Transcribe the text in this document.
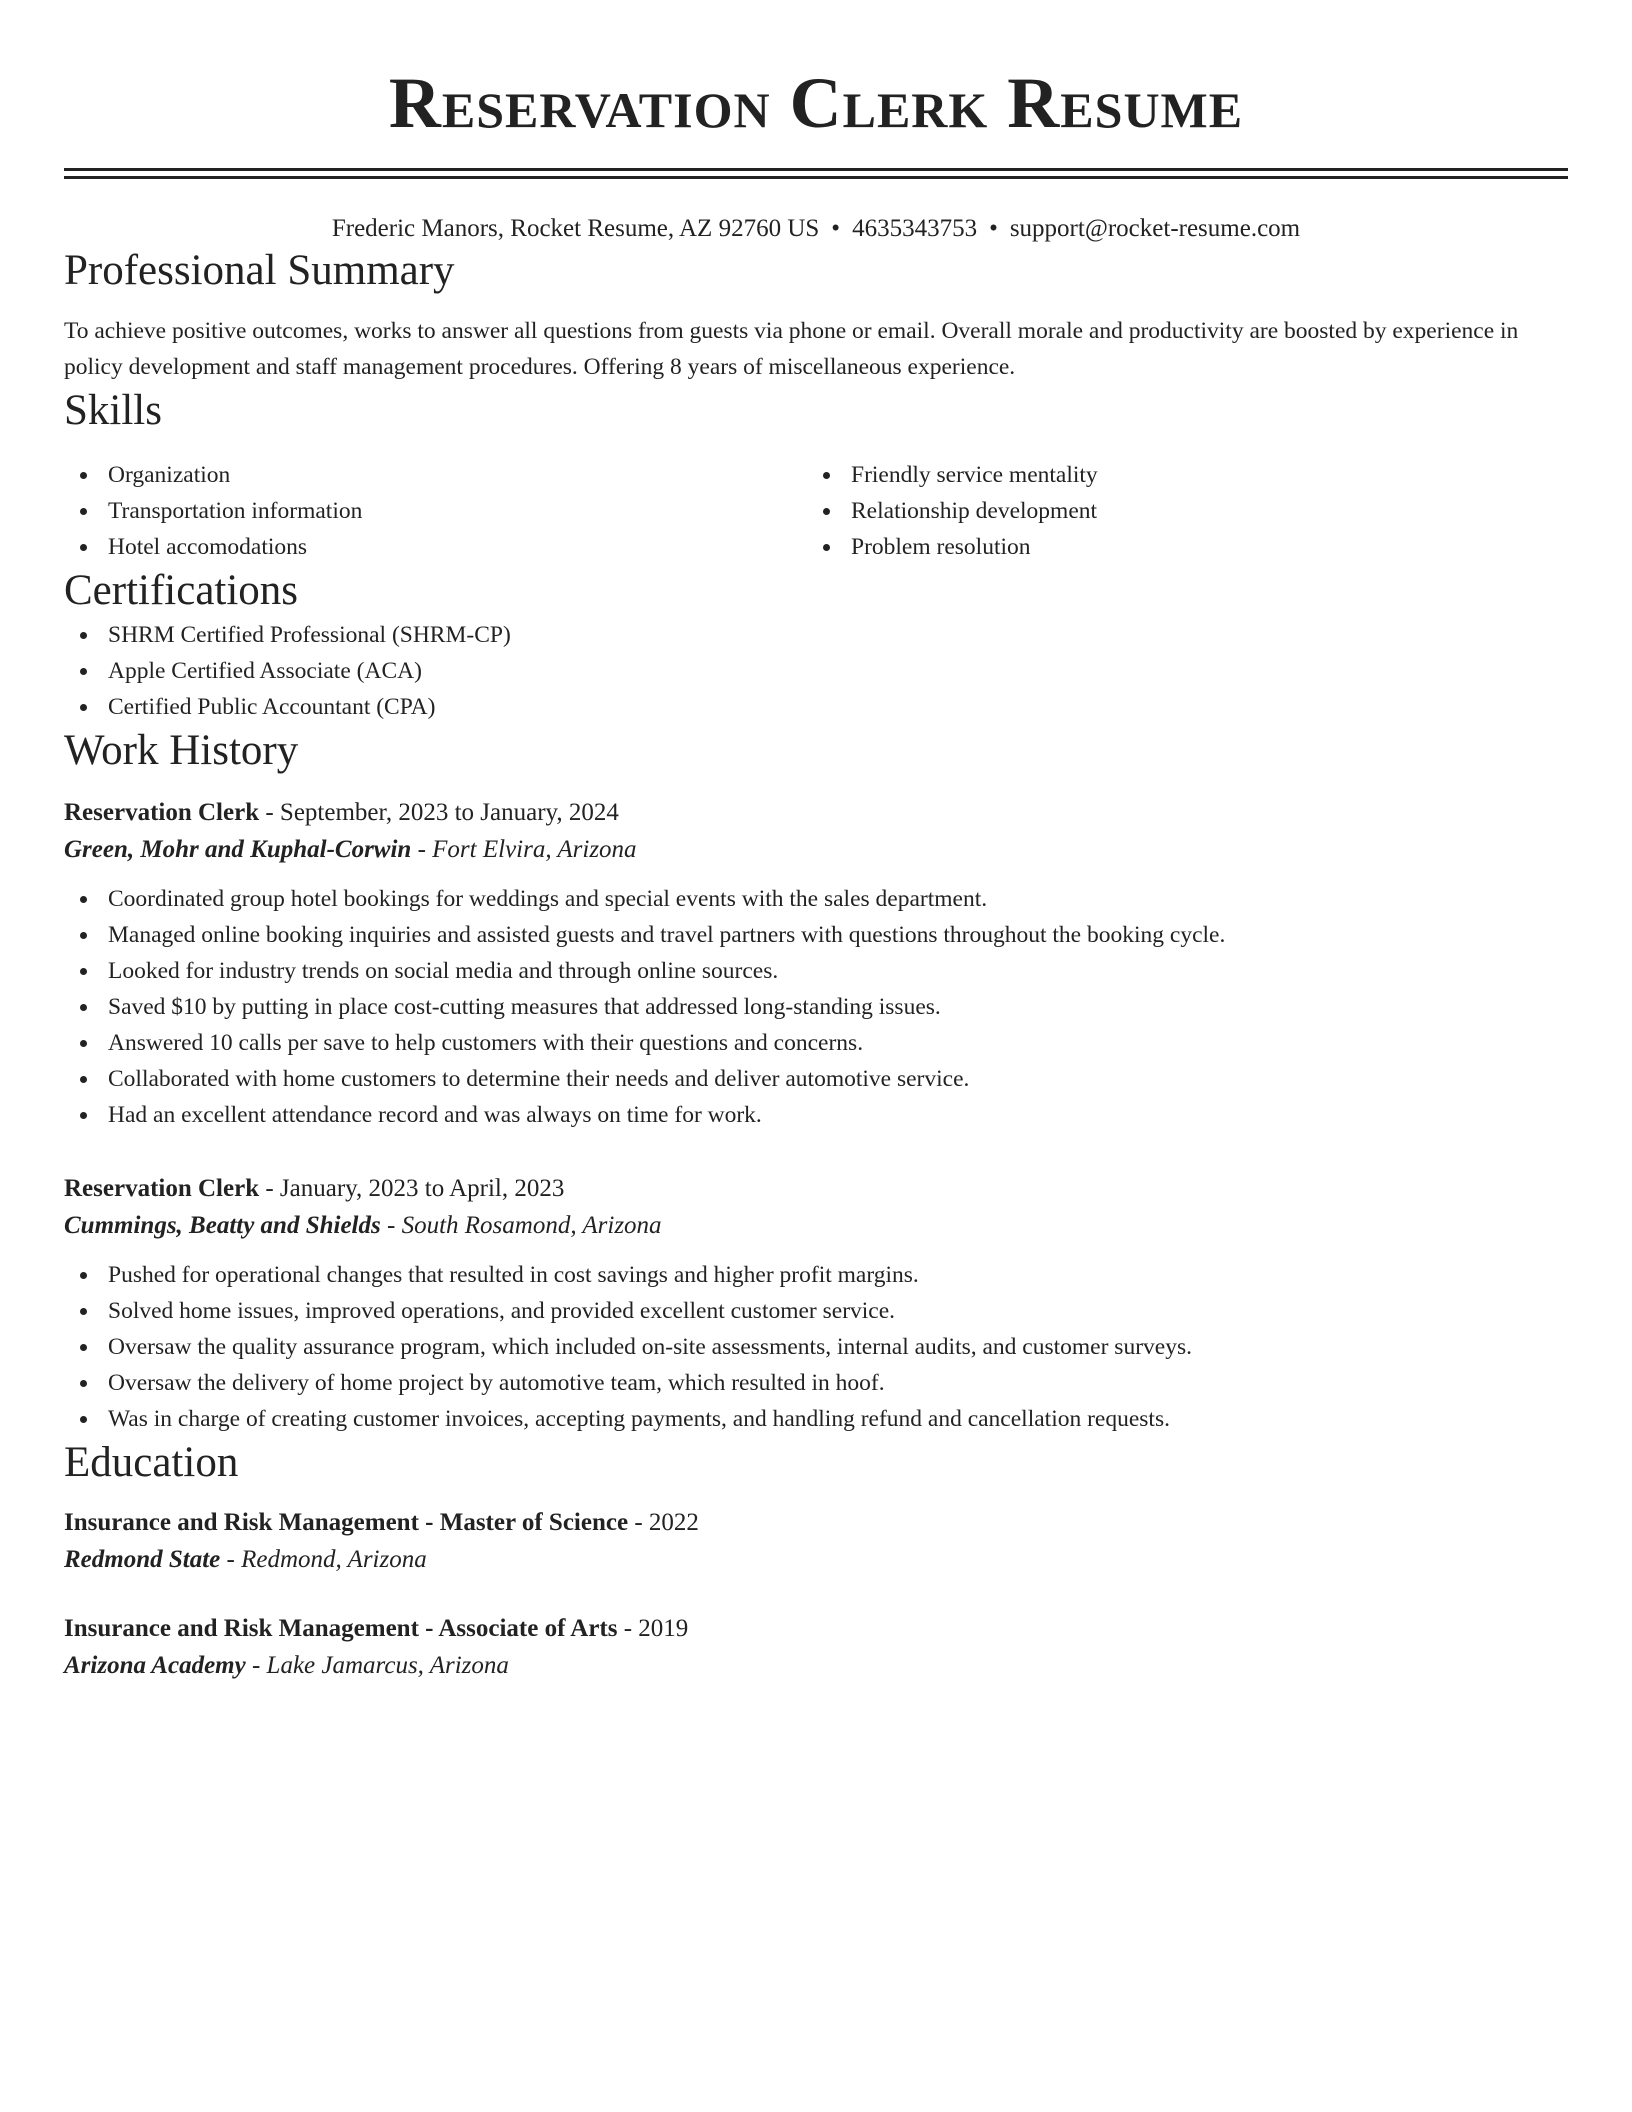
Reservation Clerk Resume
Frederic Manors, Rocket Resume, AZ 92760 US • 4635343753 • support@rocket-resume.com
Professional Summary
To achieve positive outcomes, works to answer all questions from guests via phone or email. Overall morale and productivity are boosted by experience in policy development and staff management procedures. Offering 8 years of miscellaneous experience.
Skills
Organization
Transportation information
Hotel accomodations
Friendly service mentality
Relationship development
Problem resolution
Certifications
SHRM Certified Professional (SHRM-CP)
Apple Certified Associate (ACA)
Certified Public Accountant (CPA)
Work History
Reservation Clerk - September, 2023 to January, 2024
Green, Mohr and Kuphal-Corwin - Fort Elvira, Arizona
Coordinated group hotel bookings for weddings and special events with the sales department.
Managed online booking inquiries and assisted guests and travel partners with questions throughout the booking cycle.
Looked for industry trends on social media and through online sources.
Saved $10 by putting in place cost-cutting measures that addressed long-standing issues.
Answered 10 calls per save to help customers with their questions and concerns.
Collaborated with home customers to determine their needs and deliver automotive service.
Had an excellent attendance record and was always on time for work.
Reservation Clerk - January, 2023 to April, 2023
Cummings, Beatty and Shields - South Rosamond, Arizona
Pushed for operational changes that resulted in cost savings and higher profit margins.
Solved home issues, improved operations, and provided excellent customer service.
Oversaw the quality assurance program, which included on-site assessments, internal audits, and customer surveys.
Oversaw the delivery of home project by automotive team, which resulted in hoof.
Was in charge of creating customer invoices, accepting payments, and handling refund and cancellation requests.
Education
Insurance and Risk Management - Master of Science - 2022
Redmond State - Redmond, Arizona
Insurance and Risk Management - Associate of Arts - 2019
Arizona Academy - Lake Jamarcus, Arizona
